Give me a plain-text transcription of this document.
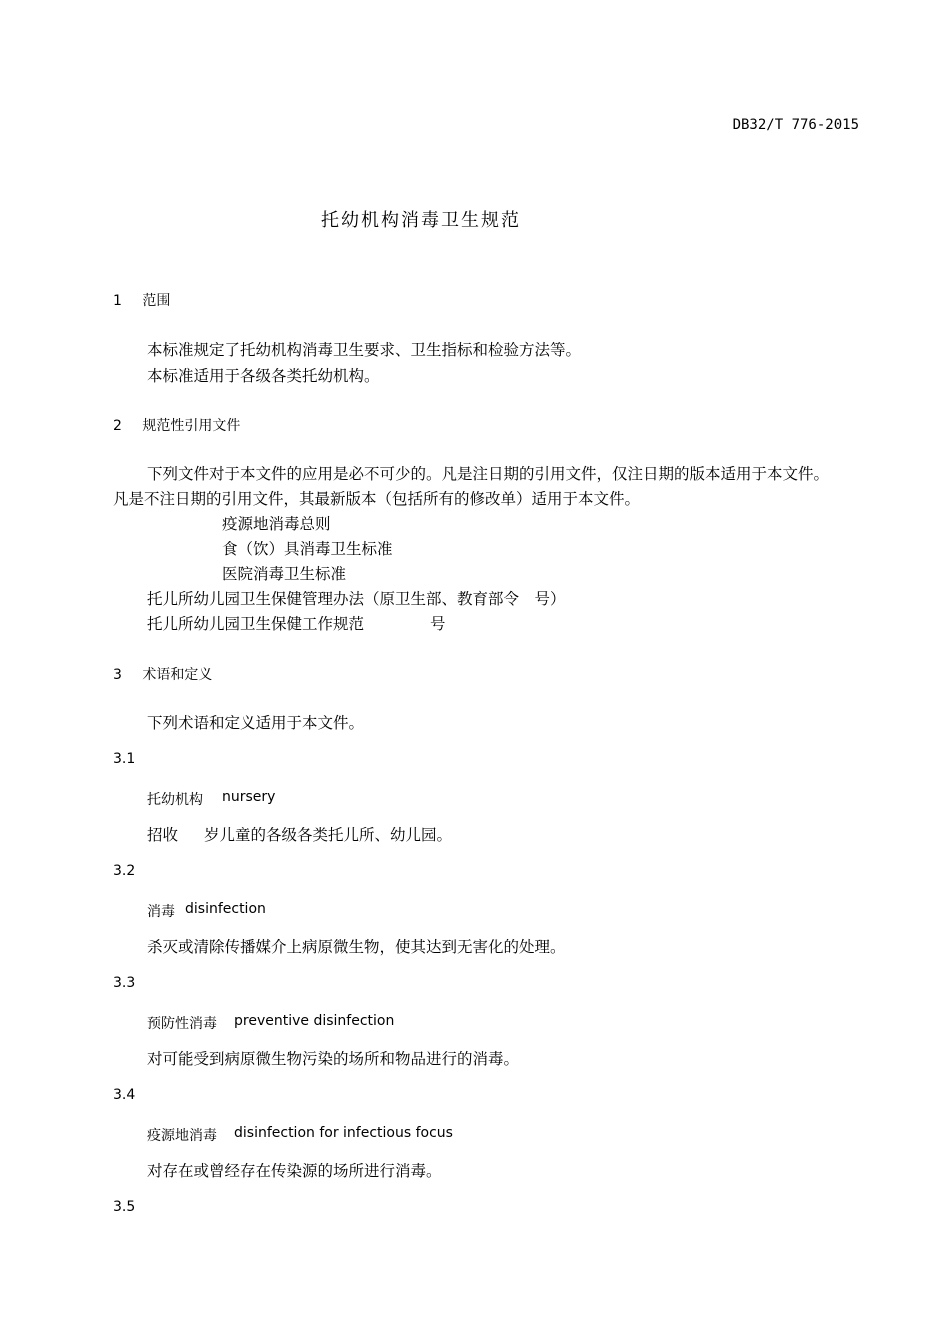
DB32/T 776-2015
托幼机构消毒卫生规范
1 范围
本标准规定了托幼机构消毒卫生要求、卫生指标和检验方法等。
本标准适用于各级各类托幼机构。
2 规范性引用文件
下列文件对于本文件的应用是必不可少的。凡是注日期的引用文件，仅注日期的版本适用于本文件。
凡是不注日期的引用文件，其最新版本（包括所有的修改单）适用于本文件。
疫源地消毒总则
食（饮）具消毒卫生标准
医院消毒卫生标准
托儿所幼儿园卫生保健管理办法（原卫生部、教育部令　号）
托儿所幼儿园卫生保健工作规范	号
3 术语和定义
下列术语和定义适用于本文件。
3.1
托幼机构 nursery
招收 岁儿童的各级各类托儿所、幼儿园。
3.2
消毒 disinfection
杀灭或清除传播媒介上病原微生物，使其达到无害化的处理。
3.3
预防性消毒 preventive disinfection
对可能受到病原微生物污染的场所和物品进行的消毒。
3.4
疫源地消毒 disinfection for infectious focus
对存在或曾经存在传染源的场所进行消毒。
3.5
